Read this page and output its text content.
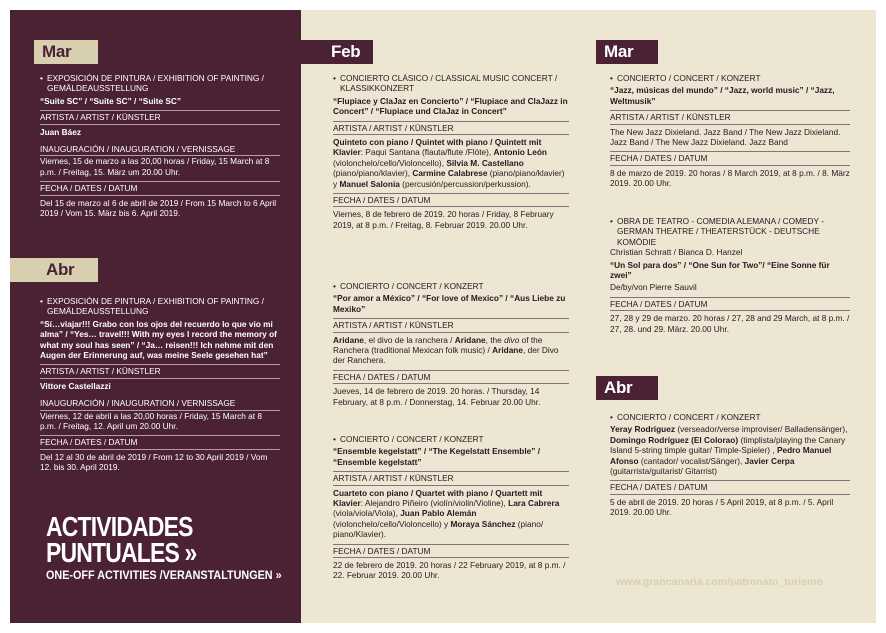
Mar
• EXPOSICIÓN DE PINTURA / EXHIBITION OF PAINTING / GEMÄLDEAUSSTELLUNG
“Suite SC” / “Suite SC” / “Suite SC”
ARTISTA / ARTIST / KÜNSTLER
Juan Báez
INAUGURACIÓN / INAUGURATION / VERNISSAGE
Viernes, 15 de marzo a las 20,00 horas / Friday, 15 March at 8 p.m. / Freitag, 15. März um 20.00 Uhr.
FECHA / DATES / DATUM
Del 15 de marzo al 6 de abril de 2019 / From 15 March to 6 April 2019 / Vom 15. März bis 6. April 2019.
Abr
• EXPOSICIÓN DE PINTURA / EXHIBITION OF PAINTING / GEMÄLDEAUSSTELLUNG
“Sí…viajar!!! Grabo con los ojos del recuerdo lo que vio mi alma” / “Yes… travel!!! With my eyes I record the memory of what my soul has seen” / “Ja… reisen!!! Ich nehme mit den Augen der Erinnerung auf, was meine Seele gesehen hat”
ARTISTA / ARTIST / KÜNSTLER
Vittore Castellazzi
INAUGURACIÓN / INAUGURATION / VERNISSAGE
Viernes, 12 de abril a las 20,00 horas / Friday, 15 March at 8 p.m. / Freitag, 12. April um 20.00 Uhr.
FECHA / DATES / DATUM
Del 12 al 30 de abril de 2019 / From 12 to 30 April 2019 / Vom 12. bis 30. April 2019.
ACTIVIDADES
PUNTUALES »
ONE-OFF ACTIVITIES /VERANSTALTUNGEN »
Feb
• CONCIERTO CLÁSICO / CLASSICAL MUSIC CONCERT / KLASSIKKONZERT
“Flupiace y ClaJaz en Concierto” / “Flupiace and ClaJazz in Concert” / “Flupiace und ClaJaz in Concert”
ARTISTA / ARTIST / KÜNSTLER
Quinteto con piano / Quintet with piano / Quintett mit Klavier: Paqui Santana (flauta/flute /Flöte), Antonio León (violonchelo/cello/Violoncello), Silvia M. Castellano (piano/piano/klavier), Carmine Calabrese (piano/piano/klavier) y Manuel Salonia (percusión/percussion/perkussion).
FECHA / DATES / DATUM
Viernes, 8 de febrero de 2019. 20 horas / Friday, 8 February 2019, at 8 p.m. / Freitag, 8. Februar 2019. 20.00 Uhr.
• CONCIERTO / CONCERT / KONZERT
“Por amor a México” / “For love of Mexico” / “Aus Liebe zu Mexiko”
ARTISTA / ARTIST / KÜNSTLER
Aridane, el divo de la ranchera / Aridane, the divo of the Ranchera (traditional Mexican folk music) / Aridane, der Divo der Ranchera.
FECHA / DATES / DATUM
Jueves, 14 de febrero de 2019. 20 horas. / Thursday, 14 February, at 8 p.m. / Donnerstag, 14. Februar 20.00 Uhr.
• CONCIERTO / CONCERT / KONZERT
“Ensemble kegelstatt” / “The Kegelstatt Ensemble” / “Ensemble kegelstatt”
ARTISTA / ARTIST / KÜNSTLER
Cuarteto con piano / Quartet with piano / Quartett mit Klavier: Alejandro Piñeiro (violín/violin/Violine), Lara Cabrera (viola/viola/Viola), Juan Pablo Alemán (violonchelo/cello/Violoncello) y Moraya Sánchez (piano/ piano/Klavier).
FECHA / DATES / DATUM
22 de febrero de 2019. 20 horas / 22 February 2019, at 8 p.m. / 22. Februar 2019. 20.00 Uhr.
Mar
• CONCIERTO / CONCERT / KONZERT
“Jazz, músicas del mundo” / “Jazz, world music” / “Jazz, Weltmusik”
ARTISTA / ARTIST / KÜNSTLER
The New Jazz Dixieland. Jazz Band / The New Jazz Dixieland. Jazz Band / The New Jazz Dixieland. Jazz Band
FECHA / DATES / DATUM
8 de marzo de 2019. 20 horas / 8 March 2019, at 8 p.m. / 8. März 2019. 20.00 Uhr.
• OBRA DE TEATRO - COMEDIA ALEMANA / COMEDY - GERMAN THEATRE / THEATERSTÜCK - DEUTSCHE KOMÖDIE
Christian Schratt / Bianca D. Hanzel
“Un Sol para dos” / “One Sun for Two”/ “Eine Sonne für zwei”
De/by/von Pierre Sauvil
FECHA / DATES / DATUM
27, 28 y 29 de marzo. 20 horas / 27, 28 and 29 March, at 8 p.m. / 27, 28. und 29. März. 20.00 Uhr.
Abr
• CONCIERTO / CONCERT / KONZERT
Yeray Rodríguez (verseador/verse improviser/ Balladensänger), Domingo Rodríguez (El Colorao) (timplista/playing the Canary Island 5-string timple guitar/ Timple-Spieler) , Pedro Manuel Afonso (cantador/ vocalist/Sänger), Javier Cerpa (guitarrista/guitarist/ Gitarrist)
FECHA / DATES / DATUM
5 de abril de 2019. 20 horas / 5 April 2019, at 8 p.m. / 5. April 2019. 20.00 Uhr.
www.grancanaria.com/patronato_turismo
